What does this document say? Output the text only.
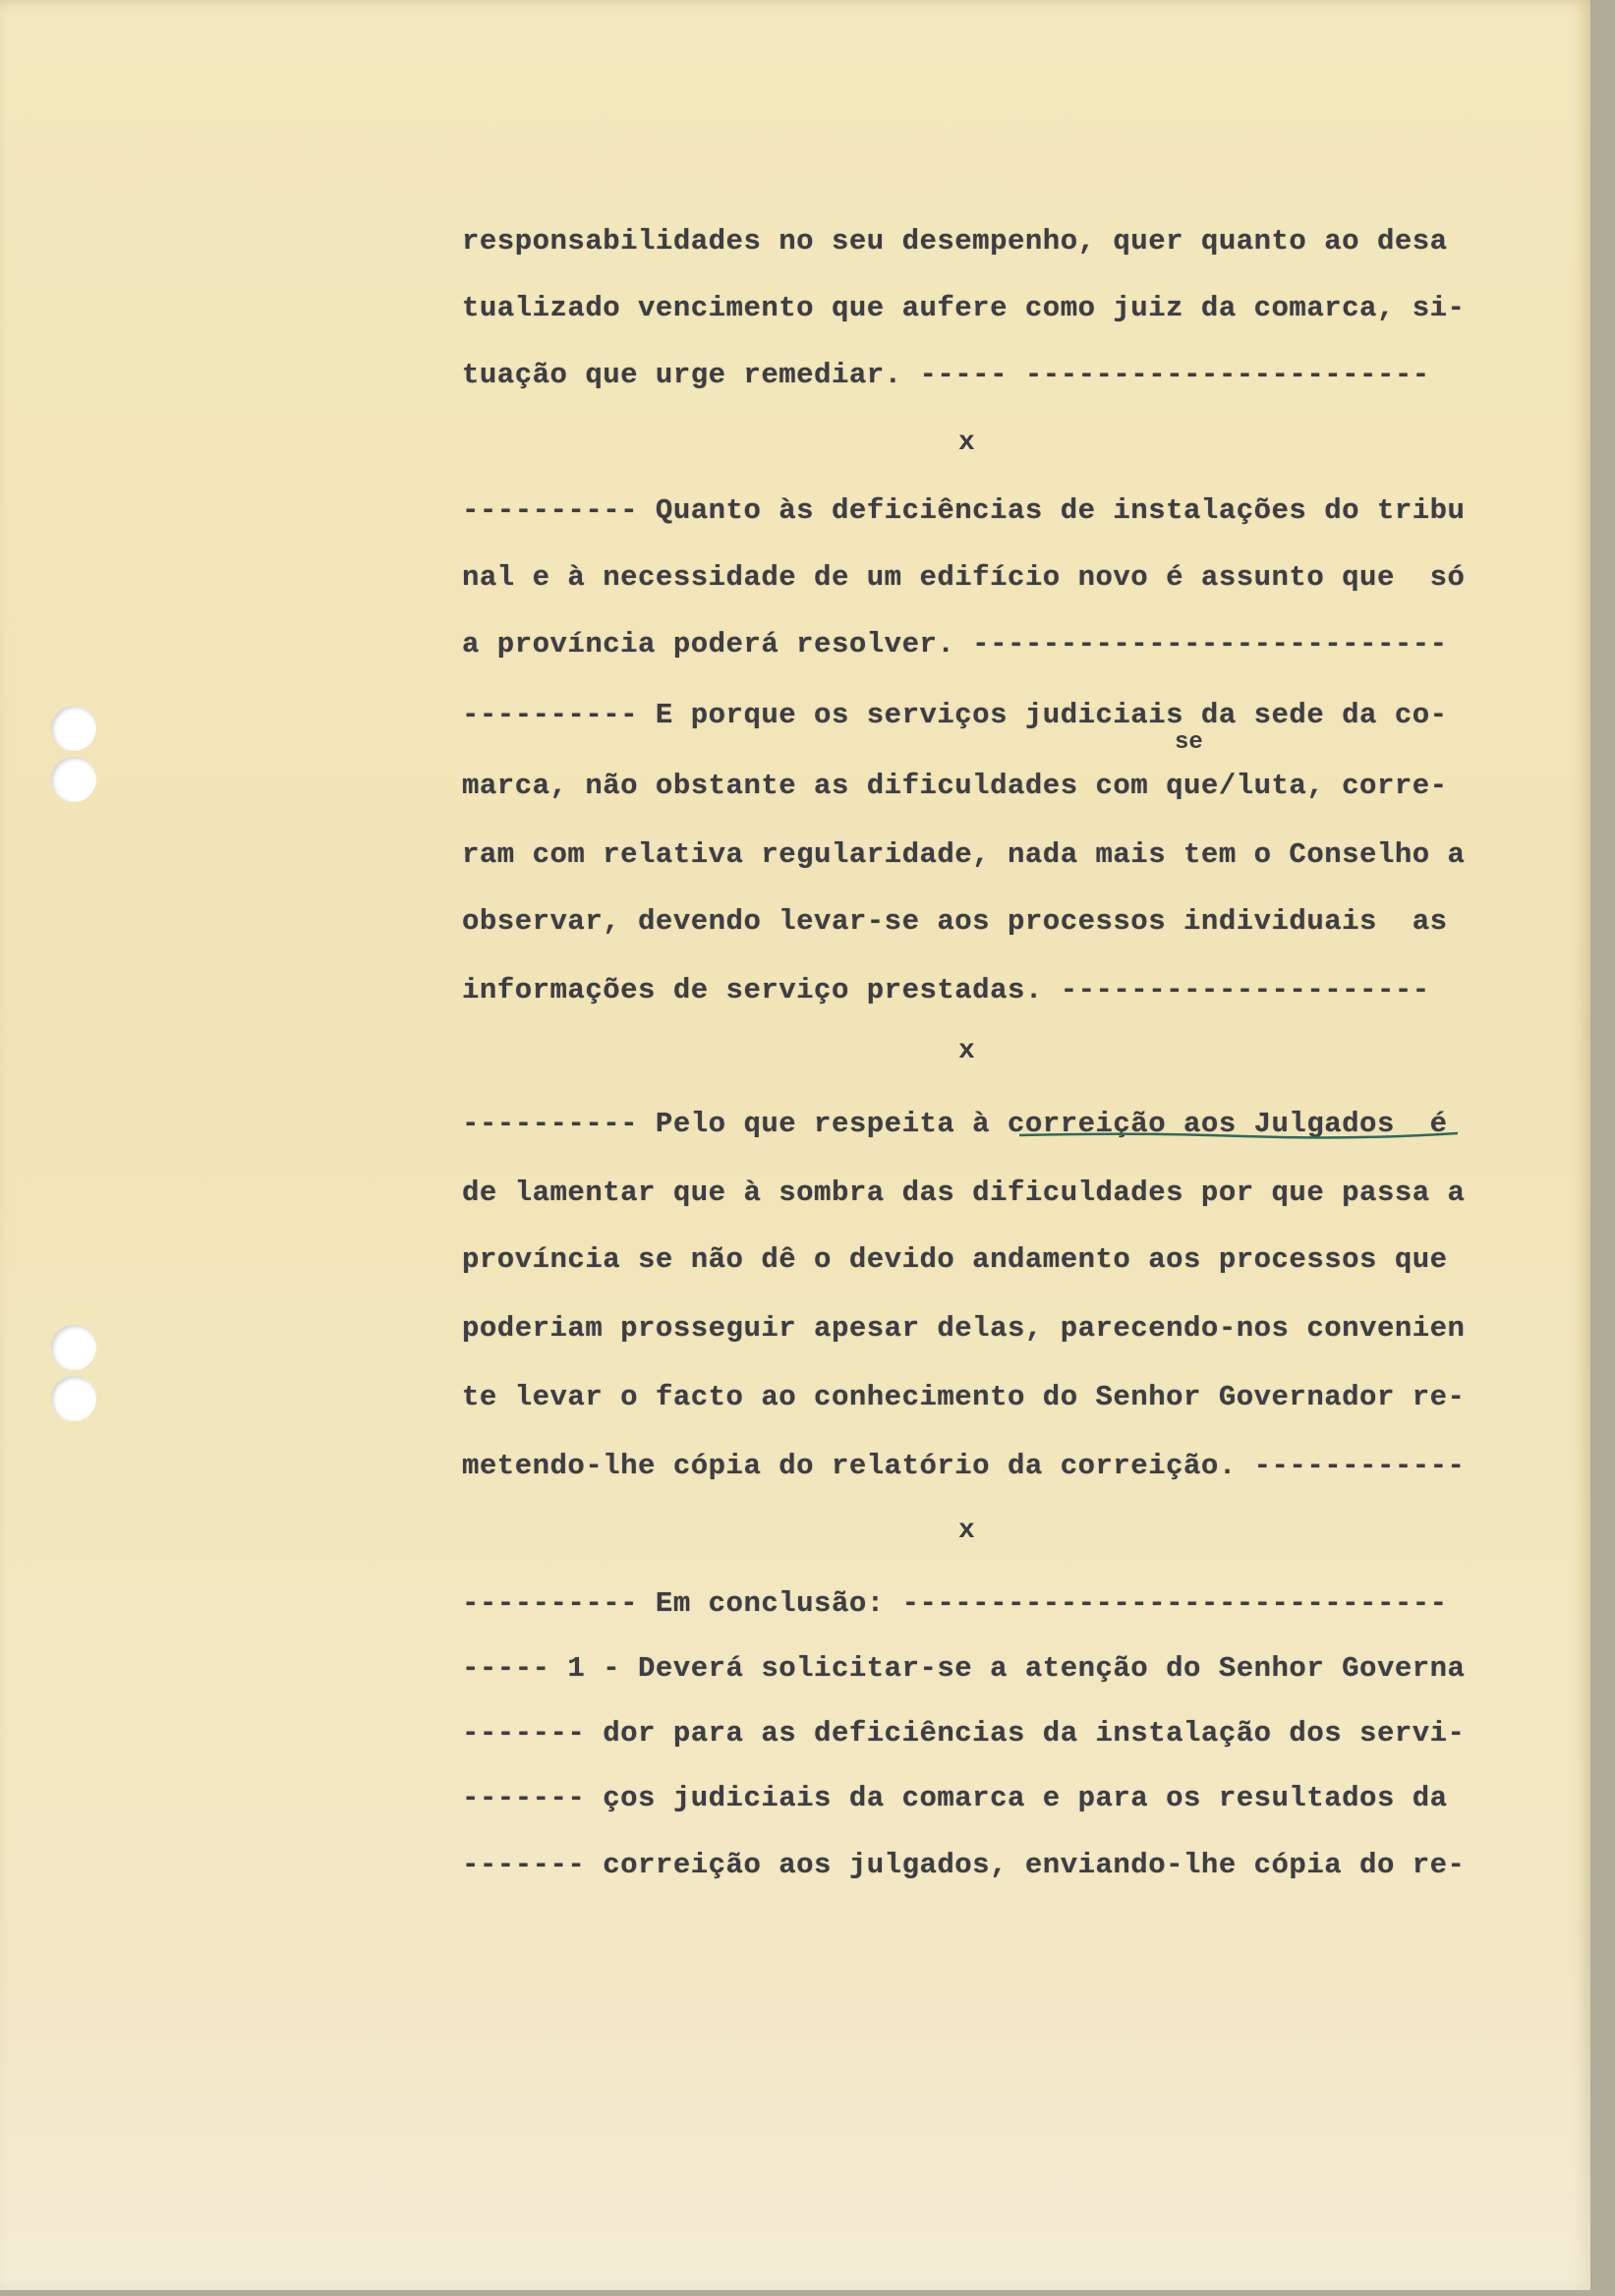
responsabilidades no seu desempenho, quer quanto ao desa
tualizado vencimento que aufere como juiz da comarca, si-
tuação que urge remediar. ----- -----------------------
x
---------- Quanto às deficiências de instalações do tribu
nal e à necessidade de um edifício novo é assunto que  só
a província poderá resolver. ---------------------------
---------- E porque os serviços judiciais da sede da co-
se
marca, não obstante as dificuldades com que/luta, corre-
ram com relativa regularidade, nada mais tem o Conselho a
observar, devendo levar-se aos processos individuais  as
informações de serviço prestadas. ---------------------
x
---------- Pelo que respeita à correição aos Julgados  é
de lamentar que à sombra das dificuldades por que passa a
província se não dê o devido andamento aos processos que
poderiam prosseguir apesar delas, parecendo-nos convenien
te levar o facto ao conhecimento do Senhor Governador re-
metendo-lhe cópia do relatório da correição. ------------
x
---------- Em conclusão: -------------------------------
----- 1 - Deverá solicitar-se a atenção do Senhor Governa
------- dor para as deficiências da instalação dos servi-
------- ços judiciais da comarca e para os resultados da
------- correição aos julgados, enviando-lhe cópia do re-
